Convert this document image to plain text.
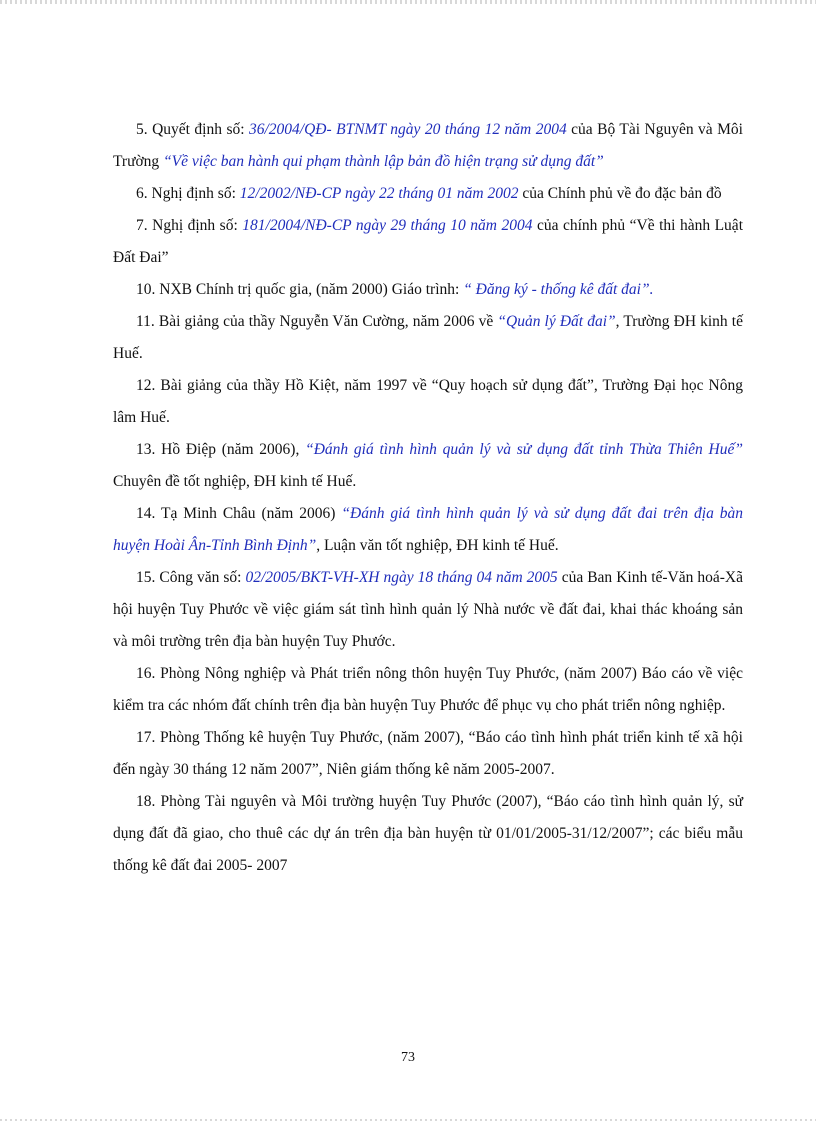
5. Quyết định số: 36/2004/QĐ- BTNMT ngày 20 tháng 12 năm 2004 của Bộ Tài Nguyên và Môi Trường “Về việc ban hành qui phạm thành lập bản đồ hiện trạng sử dụng đất”

6. Nghị định số: 12/2002/NĐ-CP ngày 22 tháng 01 năm 2002 của Chính phủ về đo đặc bản đồ

7. Nghị định số: 181/2004/NĐ-CP ngày 29 tháng 10 năm 2004 của chính phủ “Về thi hành Luật Đất Đai”

10. NXB Chính trị quốc gia, (năm 2000) Giáo trình: “ Đăng ký - thống kê đất đai”.

11. Bài giảng của thầy Nguyễn Văn Cường, năm 2006 về “Quản lý Đất đai”, Trường ĐH kinh tế Huế.

12. Bài giảng của thầy Hồ Kiệt, năm 1997 về “Quy hoạch sử dụng đất”, Trường Đại học Nông lâm Huế.

13. Hồ Điệp (năm 2006), “Đánh giá tình hình quản lý và sử dụng đất tỉnh Thừa Thiên Huế” Chuyên đề tốt nghiệp, ĐH kinh tế Huế.

14. Tạ Minh Châu (năm 2006) “Đánh giá tình hình quản lý và sử dụng đất đai trên địa bàn huyện Hoài Ân-Tỉnh Bình Định”, Luận văn tốt nghiệp, ĐH kinh tế Huế.

15. Công văn số: 02/2005/BKT-VH-XH ngày 18 tháng 04 năm 2005 của Ban Kinh tế-Văn hoá-Xã hội huyện Tuy Phước về việc giám sát tình hình quản lý Nhà nước về đất đai, khai thác khoáng sản và môi trường trên địa bàn huyện Tuy Phước.

16. Phòng Nông nghiệp và Phát triển nông thôn huyện Tuy Phước, (năm 2007) Báo cáo về việc kiểm tra các nhóm đất chính trên địa bàn huyện Tuy Phước để phục vụ cho phát triển nông nghiệp.

17. Phòng Thống kê huyện Tuy Phước, (năm 2007), “Báo cáo tình hình phát triển kinh tế xã hội đến ngày 30 tháng 12 năm 2007”, Niên giám thống kê năm 2005-2007.

18. Phòng Tài nguyên và Môi trường huyện Tuy Phước (2007), “Báo cáo tình hình quản lý, sử dụng đất đã giao, cho thuê các dự án trên địa bàn huyện từ 01/01/2005-31/12/2007”; các biểu mẫu thống kê đất đai 2005- 2007

73
